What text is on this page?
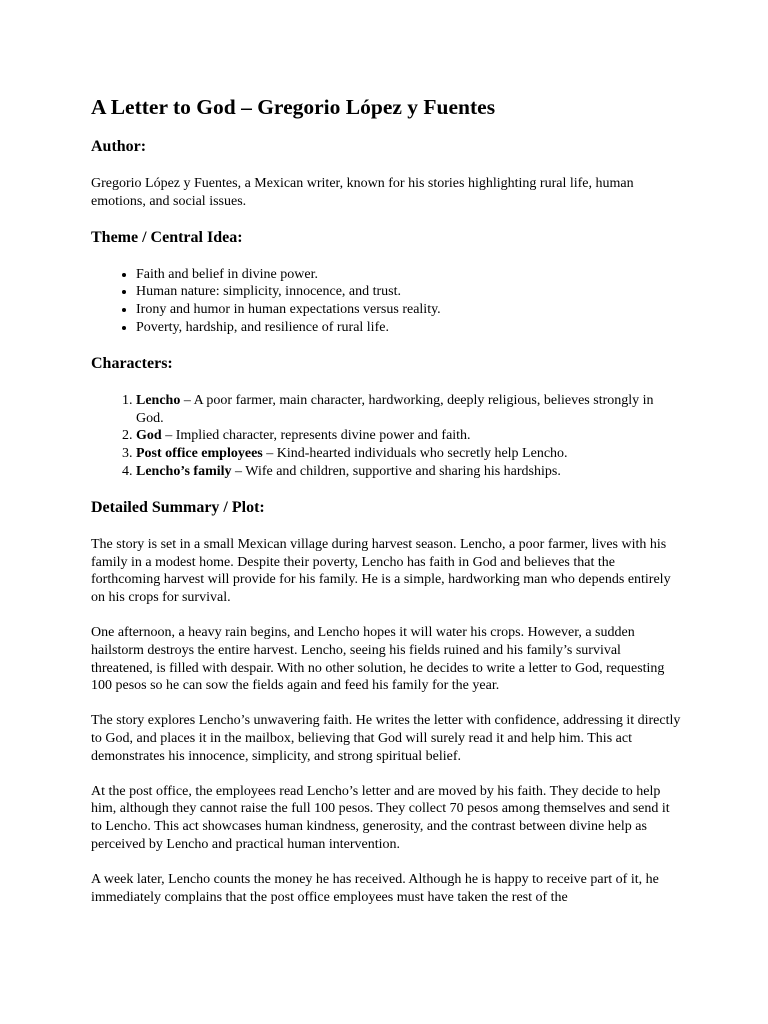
A Letter to God – Gregorio López y Fuentes
Author:

Gregorio López y Fuentes, a Mexican writer, known for his stories highlighting rural life, human emotions, and social issues.

Theme / Central Idea:
• Faith and belief in divine power.
• Human nature: simplicity, innocence, and trust.
• Irony and humor in human expectations versus reality.
• Poverty, hardship, and resilience of rural life.
Characters:
1. Lencho – A poor farmer, main character, hardworking, deeply religious, believes strongly in God.
2. God – Implied character, represents divine power and faith.
3. Post office employees – Kind-hearted individuals who secretly help Lencho.
4. Lencho’s family – Wife and children, supportive and sharing his hardships.
Detailed Summary / Plot:

The story is set in a small Mexican village during harvest season. Lencho, a poor farmer, lives with his family in a modest home. Despite their poverty, Lencho has faith in God and believes that the forthcoming harvest will provide for his family. He is a simple, hardworking man who depends entirely on his crops for survival.

One afternoon, a heavy rain begins, and Lencho hopes it will water his crops. However, a sudden hailstorm destroys the entire harvest. Lencho, seeing his fields ruined and his family’s survival threatened, is filled with despair. With no other solution, he decides to write a letter to God, requesting 100 pesos so he can sow the fields again and feed his family for the year.

The story explores Lencho’s unwavering faith. He writes the letter with confidence, addressing it directly to God, and places it in the mailbox, believing that God will surely read it and help him. This act demonstrates his innocence, simplicity, and strong spiritual belief.

At the post office, the employees read Lencho’s letter and are moved by his faith. They decide to help him, although they cannot raise the full 100 pesos. They collect 70 pesos among themselves and send it to Lencho. This act showcases human kindness, generosity, and the contrast between divine help as perceived by Lencho and practical human intervention.

A week later, Lencho counts the money he has received. Although he is happy to receive part of it, he immediately complains that the post office employees must have taken the rest of the
